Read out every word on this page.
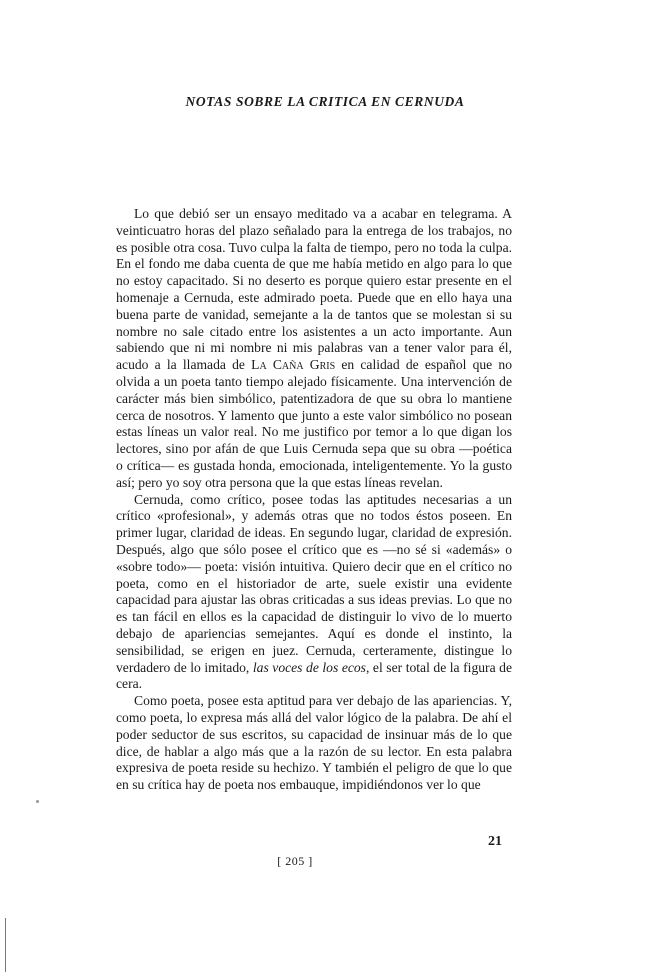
NOTAS SOBRE LA CRITICA EN CERNUDA

Lo que debió ser un ensayo meditado va a acabar en telegrama. A veinticuatro horas del plazo señalado para la entrega de los trabajos, no es posible otra cosa. Tuvo culpa la falta de tiempo, pero no toda la culpa. En el fondo me daba cuenta de que me había metido en algo para lo que no estoy capacitado. Si no deserto es porque quiero estar presente en el homenaje a Cernuda, este admirado poeta. Puede que en ello haya una buena parte de vanidad, semejante a la de tantos que se molestan si su nombre no sale citado entre los asistentes a un acto importante. Aun sabiendo que ni mi nombre ni mis palabras van a tener valor para él, acudo a la llamada de La Caña Gris en calidad de español que no olvida a un poeta tanto tiempo alejado físicamente. Una intervención de carácter más bien simbólico, patentizadora de que su obra lo mantiene cerca de nosotros. Y lamento que junto a este valor simbólico no posean estas líneas un valor real. No me justifico por temor a lo que digan los lectores, sino por afán de que Luis Cernuda sepa que su obra —poética o crítica— es gustada honda, emocionada, inteligentemente. Yo la gusto así; pero yo soy otra persona que la que estas líneas revelan.

Cernuda, como crítico, posee todas las aptitudes necesarias a un crítico «profesional», y además otras que no todos éstos poseen. En primer lugar, claridad de ideas. En segundo lugar, claridad de expresión. Después, algo que sólo posee el crítico que es —no sé si «además» o «sobre todo»— poeta: visión intuitiva. Quiero decir que en el crítico no poeta, como en el historiador de arte, suele existir una evidente capacidad para ajustar las obras criticadas a sus ideas previas. Lo que no es tan fácil en ellos es la capacidad de distinguir lo vivo de lo muerto debajo de apariencias semejantes. Aquí es donde el instinto, la sensibilidad, se erigen en juez. Cernuda, certeramente, distingue lo verdadero de lo imitado, las voces de los ecos, el ser total de la figura de cera.

Como poeta, posee esta aptitud para ver debajo de las apariencias. Y, como poeta, lo expresa más allá del valor lógico de la palabra. De ahí el poder seductor de sus escritos, su capacidad de insinuar más de lo que dice, de hablar a algo más que a la razón de su lector. En esta palabra expresiva de poeta reside su hechizo. Y también el peligro de que lo que en su crítica hay de poeta nos embauque, impidiéndonos ver lo que

21
[ 205 ]
